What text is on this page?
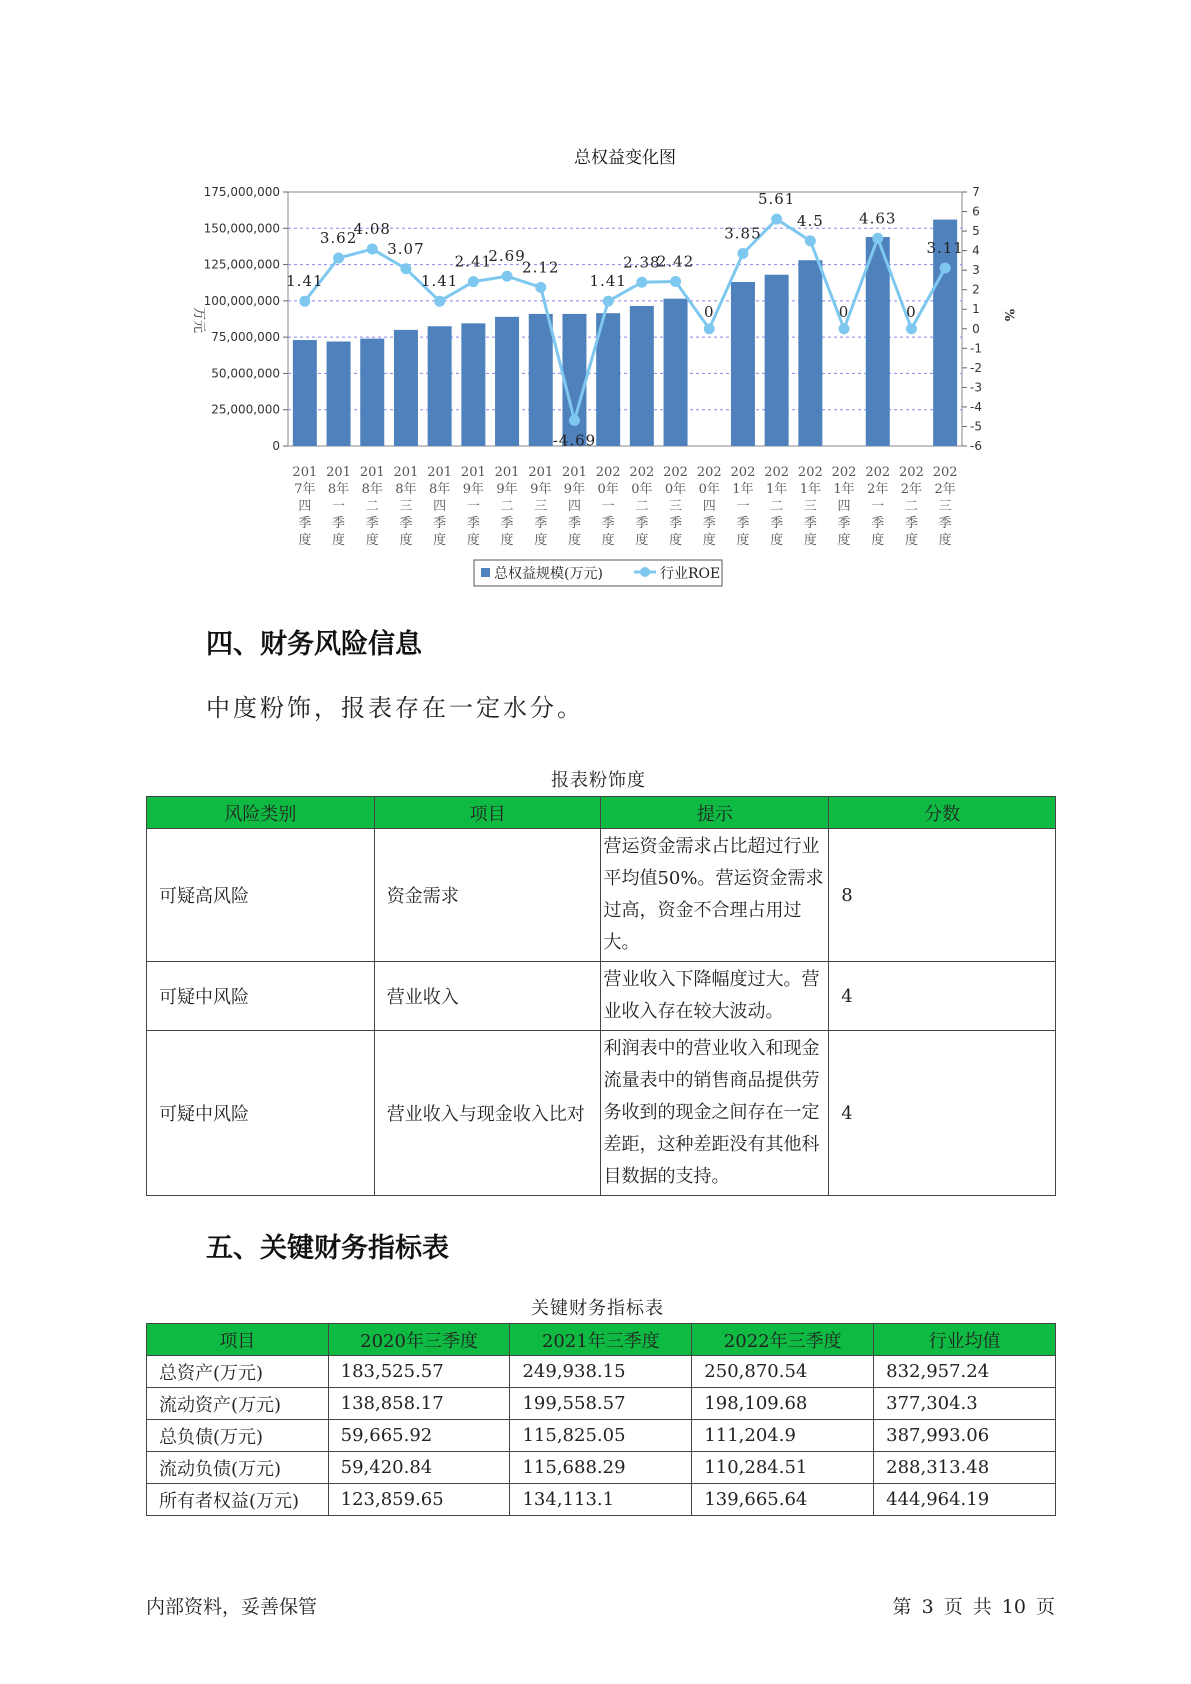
总权益变化图
0
25,000,000
50,000,000
75,000,000
100,000,000
125,000,000
150,000,000
175,000,000
-6
-5
-4
-3
-2
-1
0
1
2
3
4
5
6
7
万元	%
1.41
3.62
4.08
3.07
1.41
2.41
2.69
2.12
-4.69
1.41
2.38
2.42
0
3.85
5.61
4.5
0
4.63
0
3.11
201
7年
四
季
度
201
8年
一
季
度
201
8年
二
季
度
201
8年
三
季
度
201
8年
四
季
度
201
9年
一
季
度
201
9年
二
季
度
201
9年
三
季
度
201
9年
四
季
度
202
0年
一
季
度
202
0年
二
季
度
202
0年
三
季
度
202
0年
四
季
度
202
1年
一
季
度
202
1年
二
季
度
202
1年
三
季
度
202
1年
四
季
度
202
2年
一
季
度
202
2年
二
季
度
202
2年
三
季
度
总权益规模(万元)	行业ROE
四、财务风险信息
中度粉饰，报表存在一定水分。
报表粉饰度
风险类别	项目	提示	分数
可疑高风险	资金需求	营运资金需求占比超过行业平均值50%。营运资金需求过高，资金不合理占用过大。	8
可疑中风险	营业收入	营业收入下降幅度过大。营业收入存在较大波动。	4
可疑中风险	营业收入与现金收入比对	利润表中的营业收入和现金流量表中的销售商品提供劳务收到的现金之间存在一定差距，这种差距没有其他科目数据的支持。	4
五、关键财务指标表
关键财务指标表
项目	2020年三季度	2021年三季度	2022年三季度	行业均值
总资产(万元)	183,525.57	249,938.15	250,870.54	832,957.24
流动资产(万元)	138,858.17	199,558.57	198,109.68	377,304.3
总负债(万元)	59,665.92	115,825.05	111,204.9	387,993.06
流动负债(万元)	59,420.84	115,688.29	110,284.51	288,313.48
所有者权益(万元)	123,859.65	134,113.1	139,665.64	444,964.19
内部资料，妥善保管	第 3 页 共 10 页
